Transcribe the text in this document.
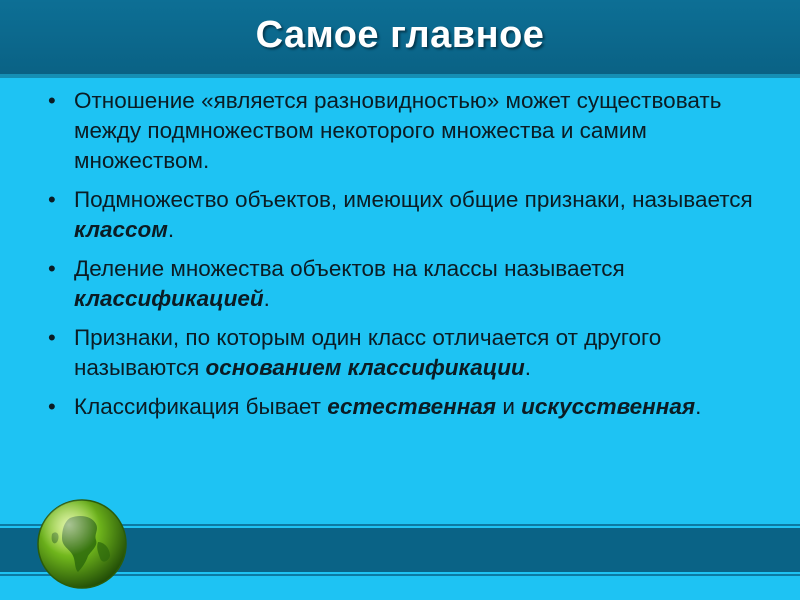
Самое главное
• Отношение «является разновидностью» может существовать между подмножеством некоторого множества и самим множеством.
• Подмножество объектов, имеющих общие признаки, называется классом.
• Деление множества объектов на классы называется классификацией.
• Признаки, по которым один класс отличается от другого называются основанием классификации.
• Классификация бывает естественная и искусственная.
